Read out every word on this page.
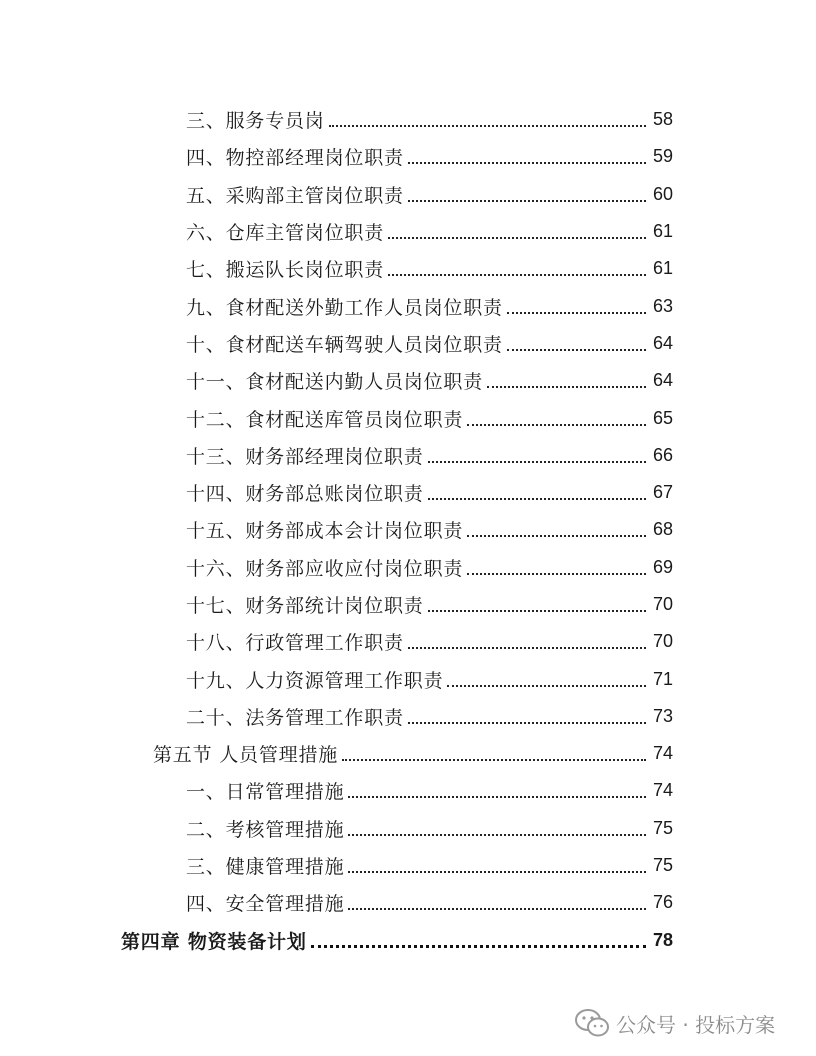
三、服务专员岗	58
四、物控部经理岗位职责	59
五、采购部主管岗位职责	60
六、仓库主管岗位职责	61
七、搬运队长岗位职责	61
九、食材配送外勤工作人员岗位职责	63
十、食材配送车辆驾驶人员岗位职责	64
十一、食材配送内勤人员岗位职责	64
十二、食材配送库管员岗位职责	65
十三、财务部经理岗位职责	66
十四、财务部总账岗位职责	67
十五、财务部成本会计岗位职责	68
十六、财务部应收应付岗位职责	69
十七、财务部统计岗位职责	70
十八、行政管理工作职责	70
十九、人力资源管理工作职责	71
二十、法务管理工作职责	73
第五节 人员管理措施	74
一、日常管理措施	74
二、考核管理措施	75
三、健康管理措施	75
四、安全管理措施	76
第四章 物资装备计划	78
公众号 · 投标方案
